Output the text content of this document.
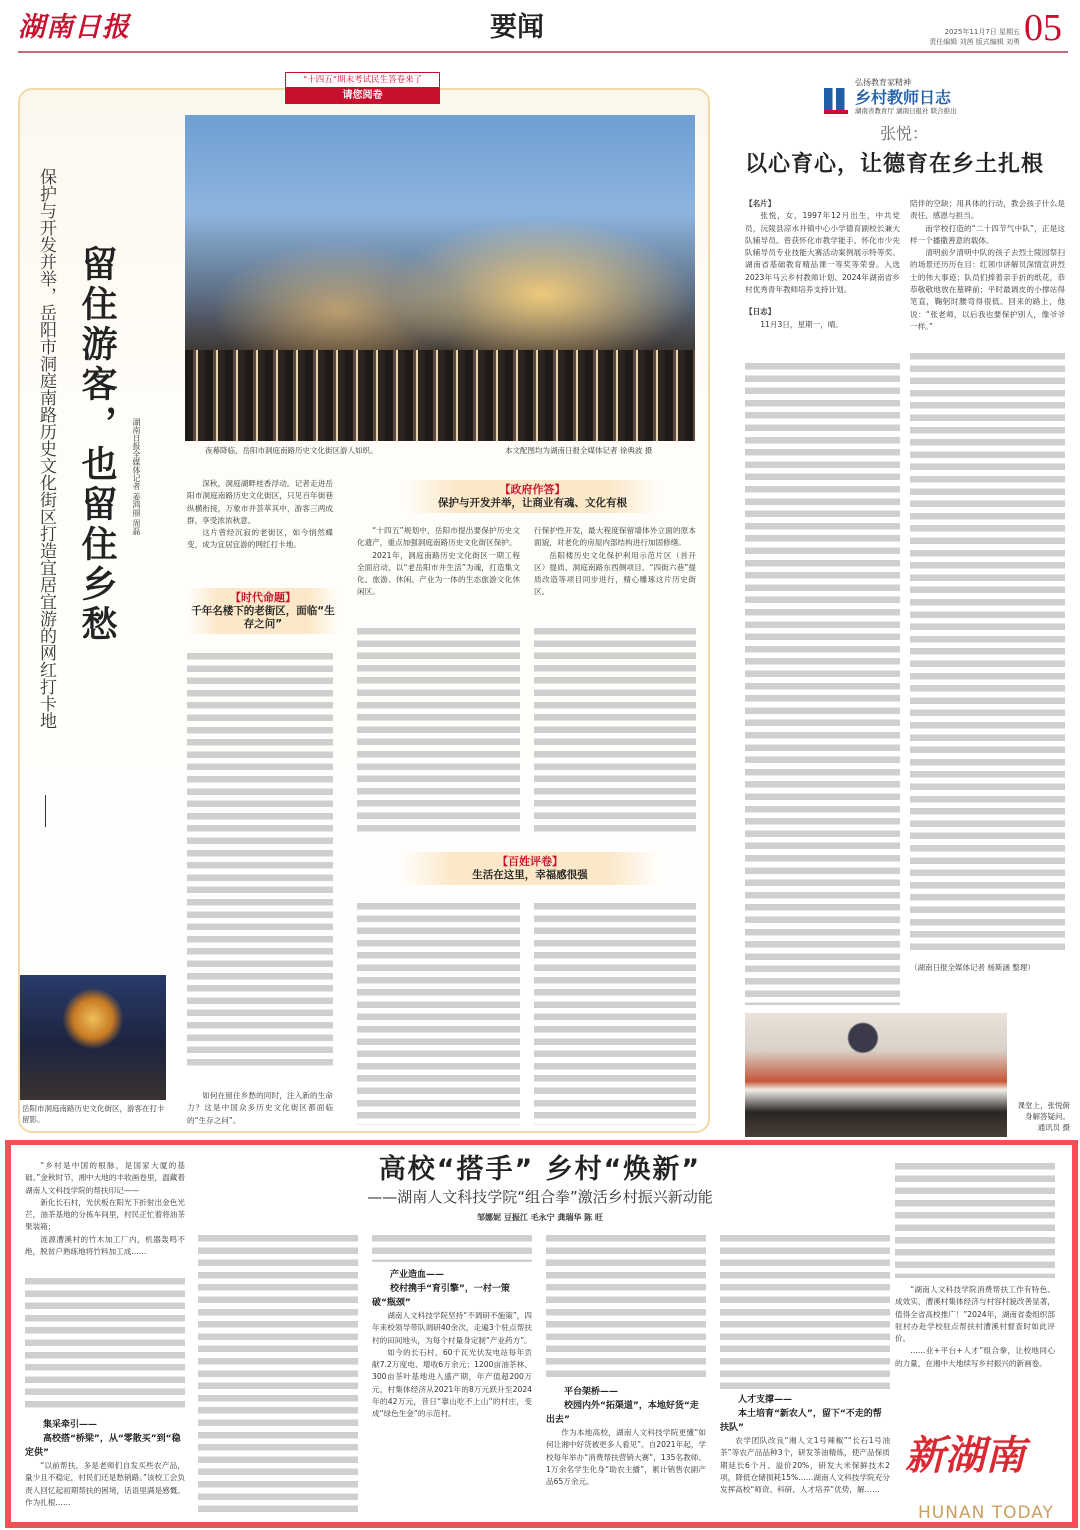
湖南日报	要闻	2025年11月7日 星期五
责任编辑 刘茜 版式编辑 刘勇 05
“十四五”期末考试民生答卷来了
请您阅卷
保护与开发并举，岳阳市洞庭南路历史文化街区打造宜居宜游的网红打卡地 留住游客，也留住乡愁 湖南日报全媒体记者 姜鸿丽 周磊	夜幕降临，岳阳市洞庭南路历史文化街区游人如织。	本文配图均为湖南日报全媒体记者 徐典波 摄

深秋，洞庭湖畔桂香浮动。记者走进岳阳市洞庭南路历史文化街区，只见百年街巷纵横衔接，万象市井荟萃其中，游客三两成群，享受浓浓秋意。

这片曾经沉寂的老街区，如今悄然蝶变，成为宜居宜游的网红打卡地。

【时代命题】
千年名楼下的老街区，面临“生存之问”

如何在留住乡愁的同时，注入新的生命力？这是中国众多历史文化街区都面临的“生存之问”。

【政府作答】
保护与开发并举，让商业有魂、文化有根

“十四五”规划中，岳阳市提出要保护历史文化遗产，重点加强洞庭南路历史文化街区保护。

2021年，洞庭南路历史文化街区一期工程全面启动，以“老岳阳市井生活”为魂，打造集文化、旅游、休闲、产业为一体的生态旅游文化休闲区。

行保护性开发，最大程度保留墙体外立面的原本面貌，对老化的房屋内部结构进行加固修缮。

岳阳楼历史文化保护利用示范片区（首开区）提质、洞庭南路东西侧项目、“四街六巷”提质改造等项目同步进行，精心雕琢这片历史街区。

【百姓评卷】
生活在这里，幸福感很强
岳阳市洞庭南路历史文化街区，游客在打卡留影。
弘扬教育家精神
乡村教师日志
湖南省教育厅 湖南日报社 联合推出
张悦：
以心育心，让德育在乡土扎根
【名片】

张悦，女，1997年12月出生，中共党员，沅陵县凉水井镇中心小学德育副校长兼大队辅导员。曾获怀化市教学能手、怀化市少先队辅导员专业技能大赛活动案例展示特等奖、湖南省基础教育精品课一等奖等荣誉。入选2023年马云乡村教师计划、2024年湖南省乡村优秀青年教师培养支持计划。

【日志】

11月3日，星期一，晴。

陪伴的空缺；用具体的行动，教会孩子什么是责任、感恩与担当。

而学校打造的“二十四节气中队”，正是这样一个播撒善意的载体。

清明前夕清明中队的孩子去烈士陵园祭扫的场景还历历在目：红领巾讲解员深情宣讲烈士的伟大事迹；队员们捧着亲手折的纸花，恭恭敬敬地放在墓碑前；平时最调皮的小撑站得笔直，鞠躬时腰弯得很低。回来的路上，他说：“张老师，以后我也要保护别人，像爷爷一样。”

（湖南日报全媒体记者 杨斯涵 整理）
课堂上，张悦俯身解答疑问。
通讯员 摄
高校“搭手” 乡村“焕新”
——湖南人文科技学院“组合拳”激活乡村振兴新动能
邹娜妮 豆振江 毛永宁 龚瑞华 陈 旺

“乡村是中国的根脉，是国家大厦的基础。”金秋时节，湘中大地的丰收画卷里，温藏着湖南人文科技学院的帮扶印记——

新化长石村，光伏板在阳光下折射出金色光芒，油茶基地的分拣车间里，村民正忙着将油茶果装箱；

涟源漕溪村的竹木加工厂内，机器轰鸣不绝，脱贫户熟练地将竹料加工成……

集采牵引——
高校搭“桥梁”，从“零散买”到“稳定供”

“以前帮扶，多是老师们自发买些农产品，量少且不稳定，村民们还是愁销路。”该校工会负责人回忆起初期帮扶的困境，话语里满是感慨。作为扎根……

产业造血——
校村携手“育引擎”，一村一策破“瓶颈”

湖南人文科技学院坚持“不调研不施策”，四年来校领导带队调研40余次，走遍3个驻点帮扶村的田间地头，为每个村量身定制“产业药方”。

如今的长石村，60千瓦光伏发电站每年贡献7.2万度电、增收6万余元；1200亩油茶林、300亩茶叶基地进入盛产期，年产值超200万元，村集体经济从2021年的8万元跃升至2024年的42万元，昔日“靠山吃不上山”的村庄，变成“绿色生金”的示范村。

平台架桥——
校园内外“拓渠道”，本地好货“走出去”

作为本地高校，湖南人文科技学院更懂“如何让湘中好货被更多人看见”。自2021年起，学校每年举办“消费帮扶营销大赛”，135名教师、1万余名学生化身“助农主播”，累计销售农副产品65万余元。

人才支撑——
本土培育“新农人”，留下“不走的帮扶队”

农学团队改良“湘人文1号辣椒”“长石1号油茶”等农产品品种3个，研发茶油精炼，使产品保质期延长6个月、溢价20%，研发大米保鲜技术2项，降低仓储损耗15%……湖南人文科技学院充分发挥高校“师资、科研、人才培养”优势，解……

“湖南人文科技学院消费帮扶工作有特色、成效实，漕溪村集体经济与村容村貌改善显著，值得全省高校推广！”2024年，湖南省委组织部驻村办赴学校驻点帮扶村漕溪村督查时如此评价。

……业+平台+人才”组合拳，让校地同心的力量，在湘中大地续写乡村振兴的新画卷。

新湖南
HUNAN TODAY
